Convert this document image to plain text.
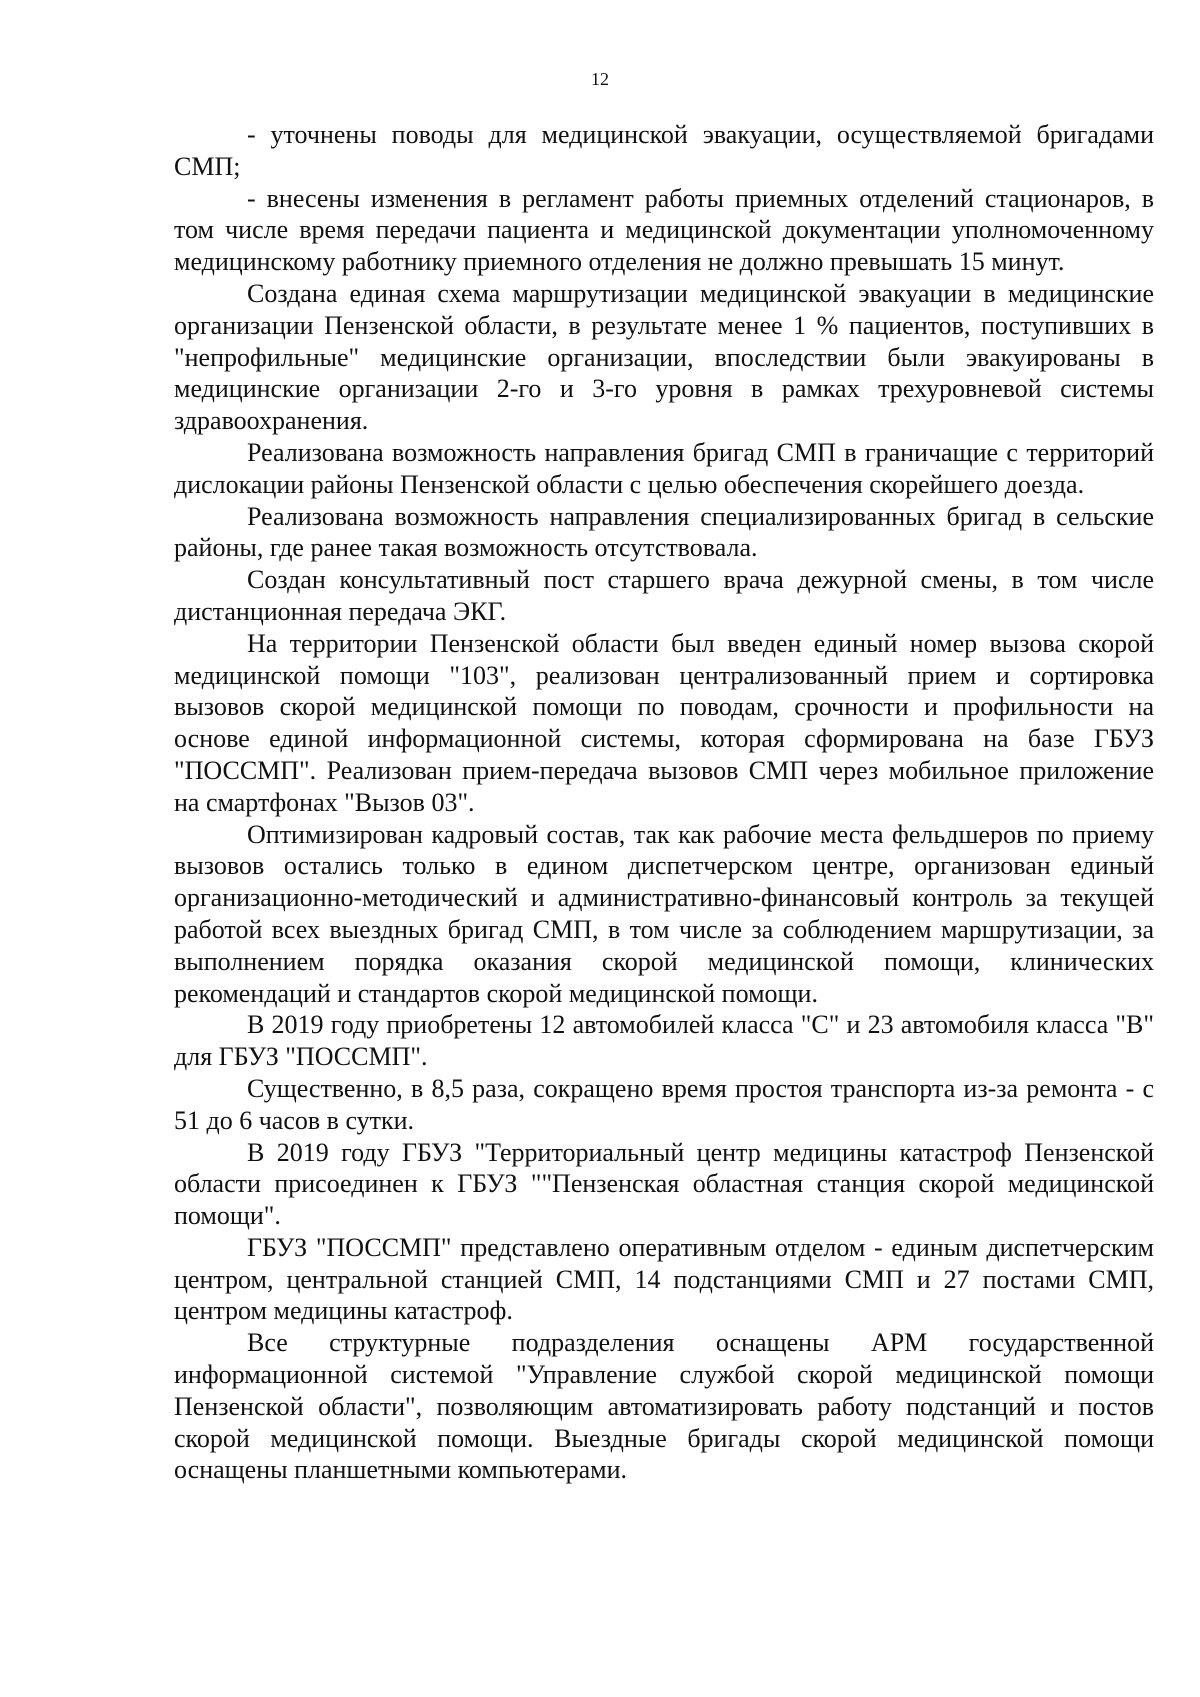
12

- уточнены поводы для медицинской эвакуации, осуществляемой бригадами СМП;

- внесены изменения в регламент работы приемных отделений стационаров, в том числе время передачи пациента и медицинской документации уполномоченному медицинскому работнику приемного отделения не должно превышать 15 минут.

Создана единая схема маршрутизации медицинской эвакуации в медицинские организации Пензенской области, в результате менее 1 % пациентов, поступивших в "непрофильные" медицинские организации, впоследствии были эвакуированы в медицинские организации 2-го и 3-го уровня в рамках трехуровневой системы здравоохранения.

Реализована возможность направления бригад СМП в граничащие с территорий дислокации районы Пензенской области с целью обеспечения скорейшего доезда.

Реализована возможность направления специализированных бригад в сельские районы, где ранее такая возможность отсутствовала.

Создан консультативный пост старшего врача дежурной смены, в том числе дистанционная передача ЭКГ.

На территории Пензенской области был введен единый номер вызова скорой медицинской помощи "103", реализован централизованный прием и сортировка вызовов скорой медицинской помощи по поводам, срочности и профильности на основе единой информационной системы, которая сформирована на базе ГБУЗ "ПОССМП". Реализован прием-передача вызовов СМП через мобильное приложение на смартфонах "Вызов 03".

Оптимизирован кадровый состав, так как рабочие места фельдшеров по приему вызовов остались только в едином диспетчерском центре, организован единый организационно-методический и административно-финансовый контроль за текущей работой всех выездных бригад СМП, в том числе за соблюдением маршрутизации, за выполнением порядка оказания скорой медицинской помощи, клинических рекомендаций и стандартов скорой медицинской помощи.

В 2019 году приобретены 12 автомобилей класса "С" и 23 автомобиля класса "В" для ГБУЗ "ПОССМП".

Существенно, в 8,5 раза, сокращено время простоя транспорта из-за ремонта - с 51 до 6 часов в сутки.

В 2019 году ГБУЗ "Территориальный центр медицины катастроф Пензенской области присоединен к ГБУЗ ""Пензенская областная станция скорой медицинской помощи".

ГБУЗ "ПОССМП" представлено оперативным отделом - единым диспетчерским центром, центральной станцией СМП, 14 подстанциями СМП и 27 постами СМП, центром медицины катастроф.

Все структурные подразделения оснащены АРМ государственной информационной системой "Управление службой скорой медицинской помощи Пензенской области", позволяющим автоматизировать работу подстанций и постов скорой медицинской помощи. Выездные бригады скорой медицинской помощи оснащены планшетными компьютерами.
